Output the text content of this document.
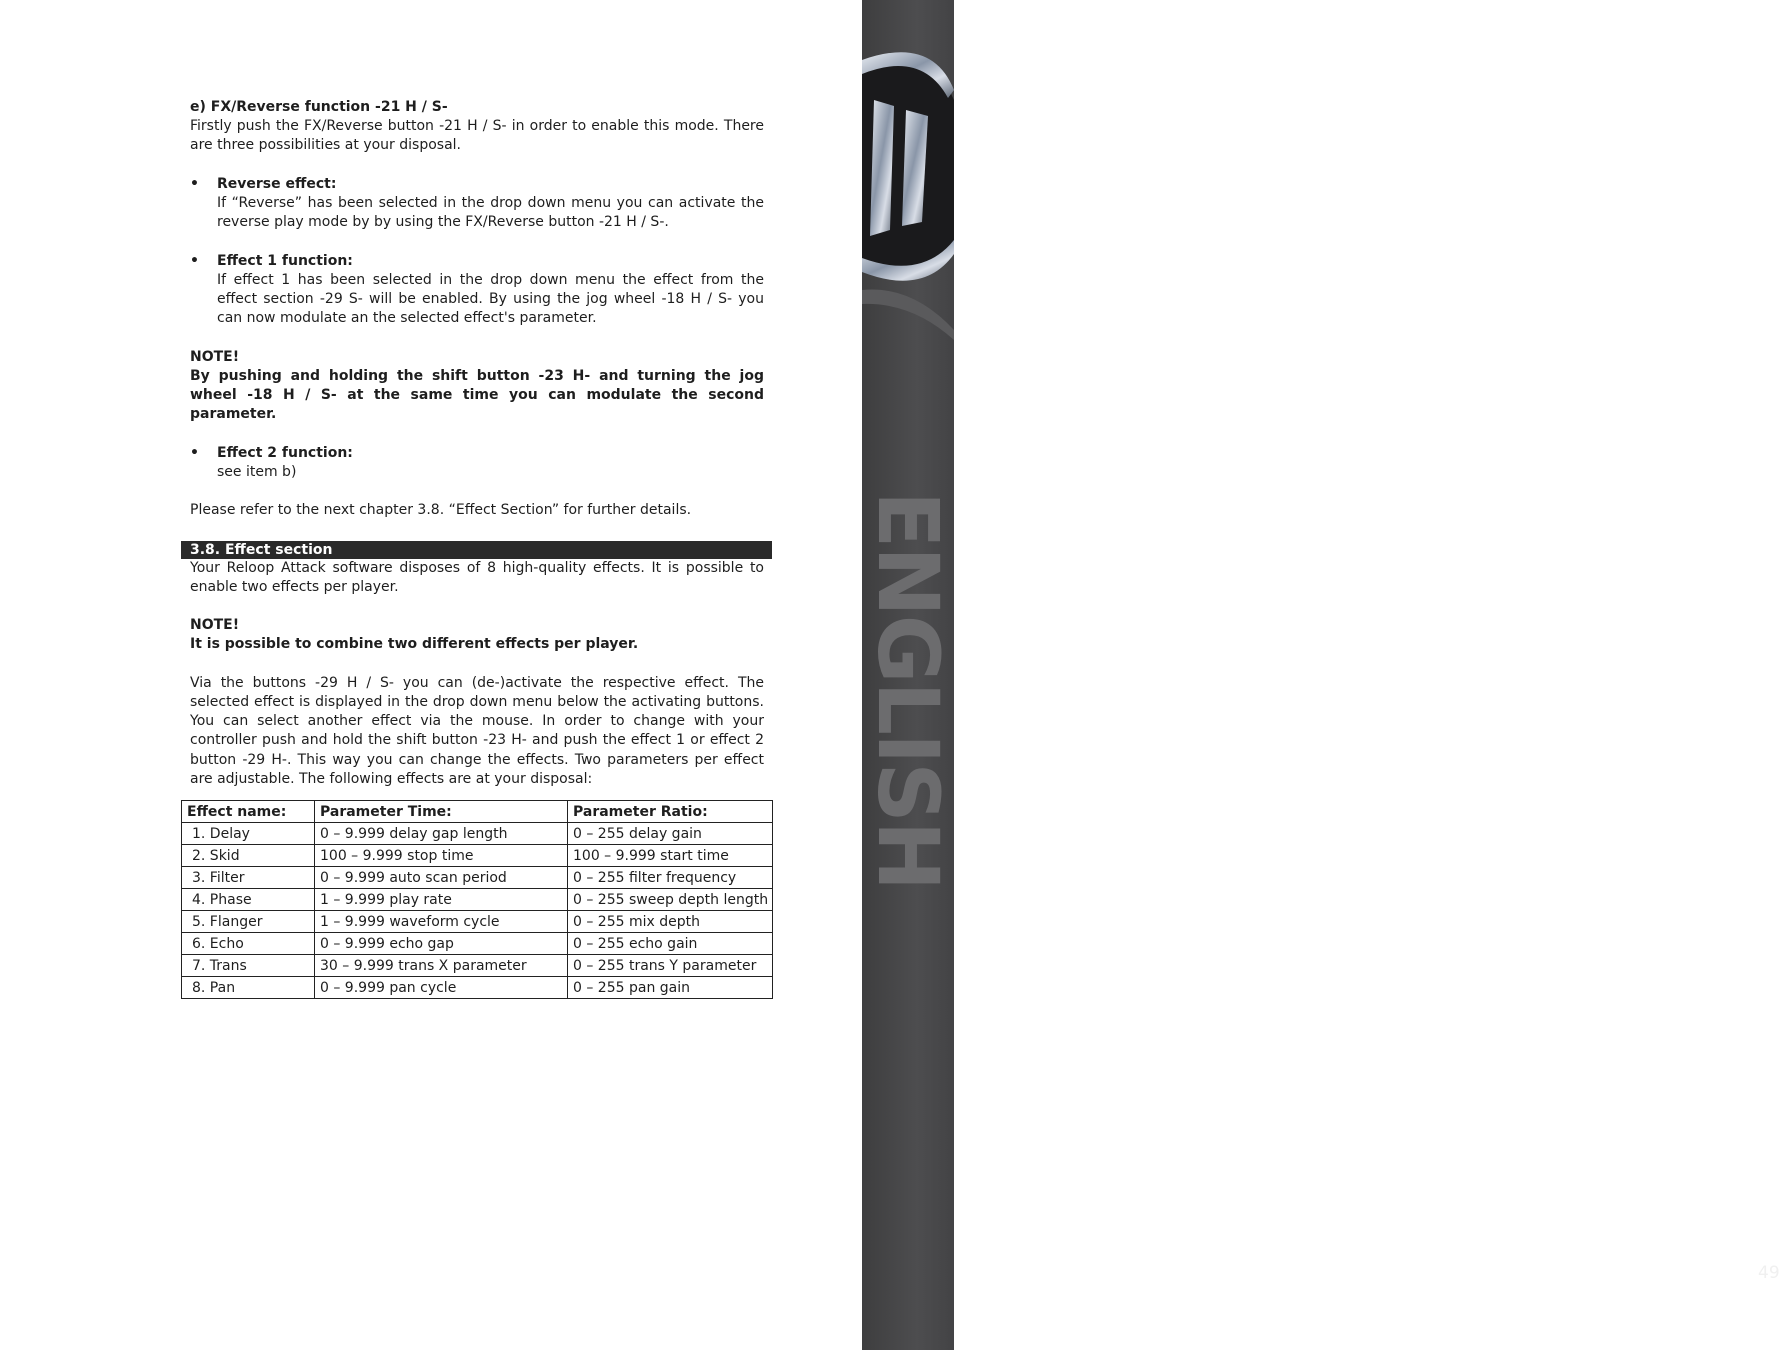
ENGLISH
49

e) FX/Reverse function -21 H / S-

Firstly push the FX/Reverse button -21 H / S- in order to enable this mode. There are three possibilities at your disposal.

• Reverse effect:

If “Reverse” has been selected in the drop down menu you can activate the reverse play mode by by using the FX/Reverse button -21 H / S-.

• Effect 1 function:

If effect 1 has been selected in the drop down menu the effect from the effect section -29 S- will be enabled. By using the jog wheel -18 H / S- you can now modulate an the selected effect's parameter.

NOTE!

By pushing and holding the shift button -23 H- and turning the jog wheel -18 H / S- at the same time you can modulate the second parameter.

• Effect 2 function:

see item b)

Please refer to the next chapter 3.8. “Effect Section” for further details.

3.8. Effect section

Your Reloop Attack software disposes of 8 high-quality effects. It is possible to enable two effects per player.

NOTE!

It is possible to combine two different effects per player.

Via the buttons -29 H / S- you can (de-)activate the respective effect. The selected effect is displayed in the drop down menu below the activating buttons. You can select another effect via the mouse. In order to change with your controller push and hold the shift button -23 H- and push the effect 1 or effect 2 button -29 H-. This way you can change the effects. Two parameters per effect are adjustable. The following effects are at your disposal:

Effect name:	Parameter Time:	Parameter Ratio:
1. Delay	0 – 9.999 delay gap length	0 – 255 delay gain
2. Skid	100 – 9.999 stop time	100 – 9.999 start time
3. Filter	0 – 9.999 auto scan period	0 – 255 filter frequency
4. Phase	1 – 9.999 play rate	0 – 255 sweep depth length
5. Flanger	1 – 9.999 waveform cycle	0 – 255 mix depth
6. Echo	0 – 9.999 echo gap	0 – 255 echo gain
7. Trans	30 – 9.999 trans X parameter	0 – 255 trans Y parameter
8. Pan	0 – 9.999 pan cycle	0 – 255 pan gain
